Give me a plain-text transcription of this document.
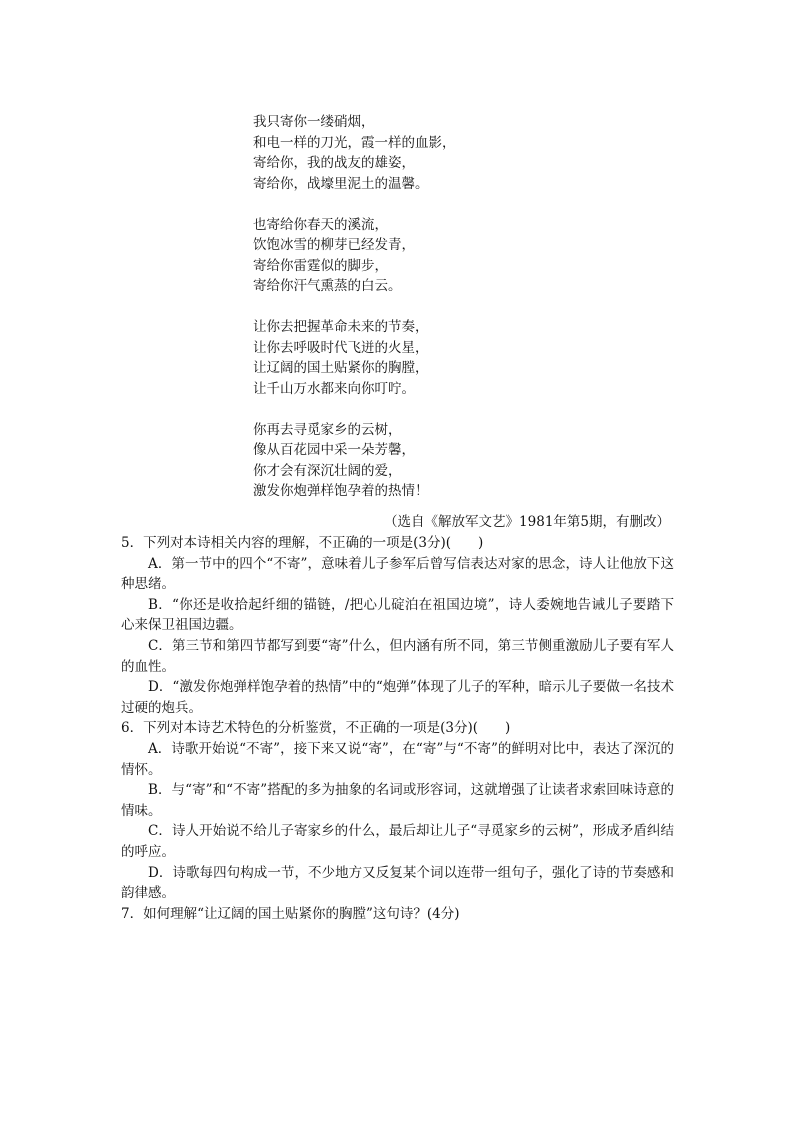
我只寄你一缕硝烟，
和电一样的刀光，霞一样的血影，
寄给你，我的战友的雄姿，
寄给你，战壕里泥土的温馨。
也寄给你春天的溪流，
饮饱冰雪的柳芽已经发青，
寄给你雷霆似的脚步，
寄给你汗气熏蒸的白云。
让你去把握革命未来的节奏，
让你去呼吸时代飞迸的火星，
让辽阔的国土贴紧你的胸膛，
让千山万水都来向你叮咛。
你再去寻觅家乡的云树，
像从百花园中采一朵芳馨，
你才会有深沉壮阔的爱，
激发你炮弹样饱孕着的热情！
（选自《解放军文艺》1981年第5期，有删改）

5．下列对本诗相关内容的理解，不正确的一项是(3分)(　　)

A．第一节中的四个“不寄”，意味着儿子参军后曾写信表达对家的思念，诗人让他放下这种思绪。

B．“你还是收拾起纤细的锚链，/把心儿碇泊在祖国边境”，诗人委婉地告诫儿子要踏下心来保卫祖国边疆。

C．第三节和第四节都写到要“寄”什么，但内涵有所不同，第三节侧重激励儿子要有军人的血性。

D．“激发你炮弹样饱孕着的热情”中的“炮弹”体现了儿子的军种，暗示儿子要做一名技术过硬的炮兵。

6．下列对本诗艺术特色的分析鉴赏，不正确的一项是(3分)(　　)

A．诗歌开始说“不寄”，接下来又说“寄”，在“寄”与“不寄”的鲜明对比中，表达了深沉的情怀。

B．与“寄”和“不寄”搭配的多为抽象的名词或形容词，这就增强了让读者求索回味诗意的情味。

C．诗人开始说不给儿子寄家乡的什么，最后却让儿子“寻觅家乡的云树”，形成矛盾纠结的呼应。

D．诗歌每四句构成一节，不少地方又反复某个词以连带一组句子，强化了诗的节奏感和韵律感。

7．如何理解“让辽阔的国土贴紧你的胸膛”这句诗？(4分)
